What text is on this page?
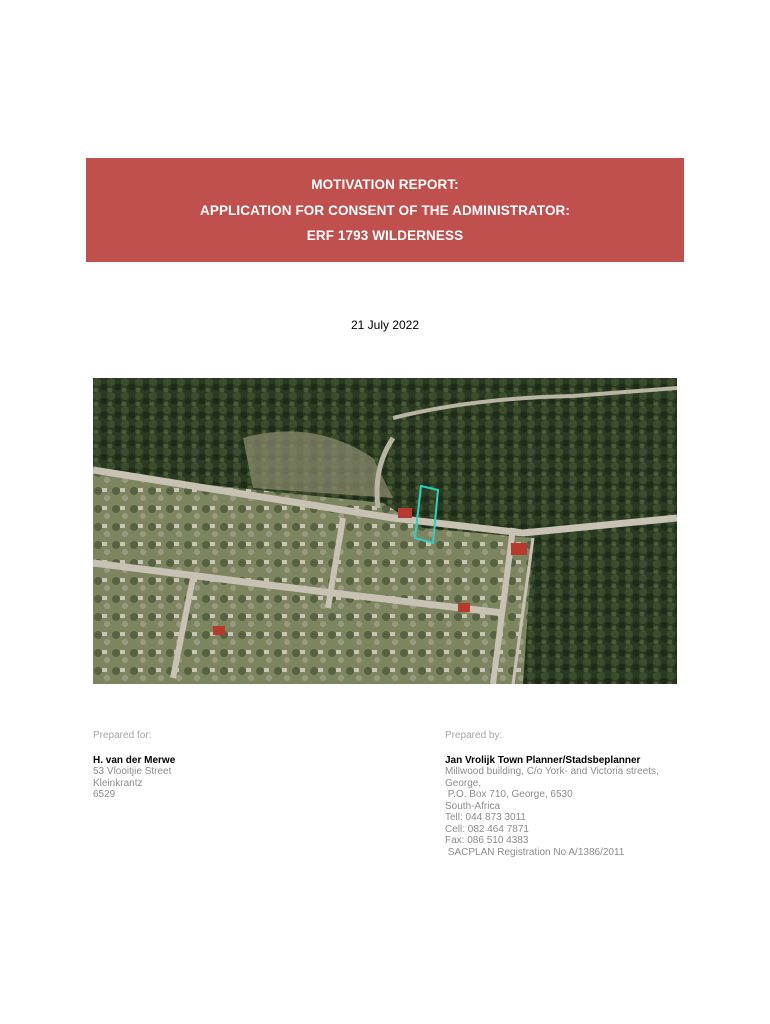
MOTIVATION REPORT:
APPLICATION FOR CONSENT OF THE ADMINISTRATOR:
ERF 1793 WILDERNESS
21 July 2022
Prepared for:
H. van der Merwe
53 Vlooitjie Street
Kleinkrantz
6529
Prepared by:
Jan Vrolijk Town Planner/Stadsbeplanner
Millwood building, C/o York- and Victoria streets,
George,
P.O. Box 710, George, 6530
South-Africa
Tell: 044 873 3011
Cell: 082 464 7871
Fax: 086 510 4383
SACPLAN Registration No A/1386/2011
